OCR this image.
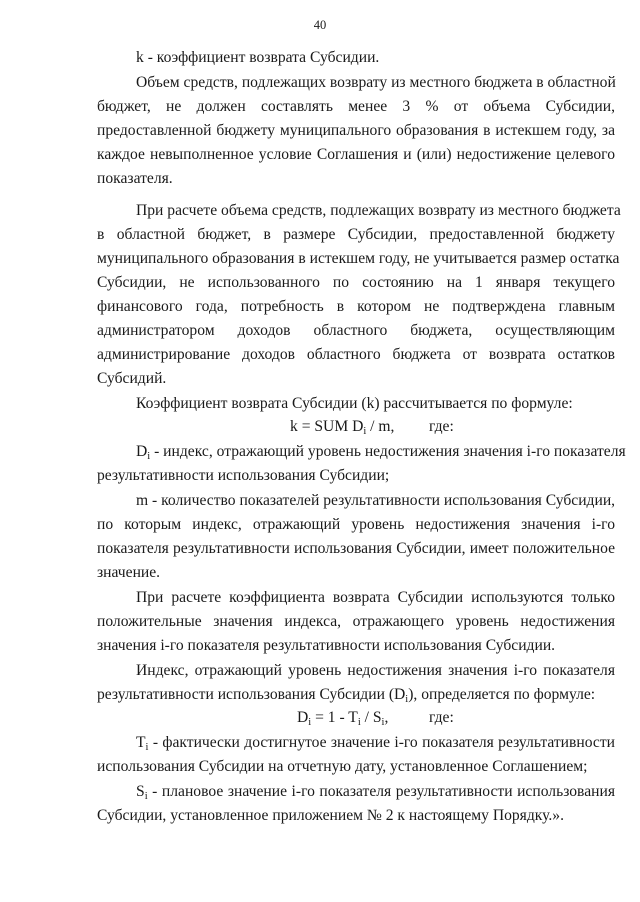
40
k - коэффициент возврата Субсидии.
Объем средств, подлежащих возврату из местного бюджета в областной
бюджет, не должен составлять менее 3 % от объема Субсидии,
предоставленной бюджету муниципального образования в истекшем году, за
каждое невыполненное условие Соглашения и (или) недостижение целевого
показателя.
При расчете объема средств, подлежащих возврату из местного бюджета
в областной бюджет, в размере Субсидии, предоставленной бюджету
муниципального образования в истекшем году, не учитывается размер остатка
Субсидии, не использованного по состоянию на 1 января текущего
финансового года, потребность в котором не подтверждена главным
администратором доходов областного бюджета, осуществляющим
администрирование доходов областного бюджета от возврата остатков
Субсидий.
Коэффициент возврата Субсидии (k) рассчитывается по формуле:
k = SUM $D_i$ / m, где:
$D_i$ - индекс, отражающий уровень недостижения значения i-го показателя
результативности использования Субсидии;
m - количество показателей результативности использования Субсидии,
по которым индекс, отражающий уровень недостижения значения i-го
показателя результативности использования Субсидии, имеет положительное
значение.
При расчете коэффициента возврата Субсидии используются только
положительные значения индекса, отражающего уровень недостижения
значения i-го показателя результативности использования Субсидии.
Индекс, отражающий уровень недостижения значения i-го показателя
результативности использования Субсидии $(D_i)$, определяется по формуле:
$D_i = 1 - T_i / S_i$,	где:
$T_i$ - фактически достигнутое значение i-го показателя результативности
использования Субсидии на отчетную дату, установленное Соглашением;
$S_i$ - плановое значение i-го показателя результативности использования
Субсидии, установленное приложением № 2 к настоящему Порядку.».
